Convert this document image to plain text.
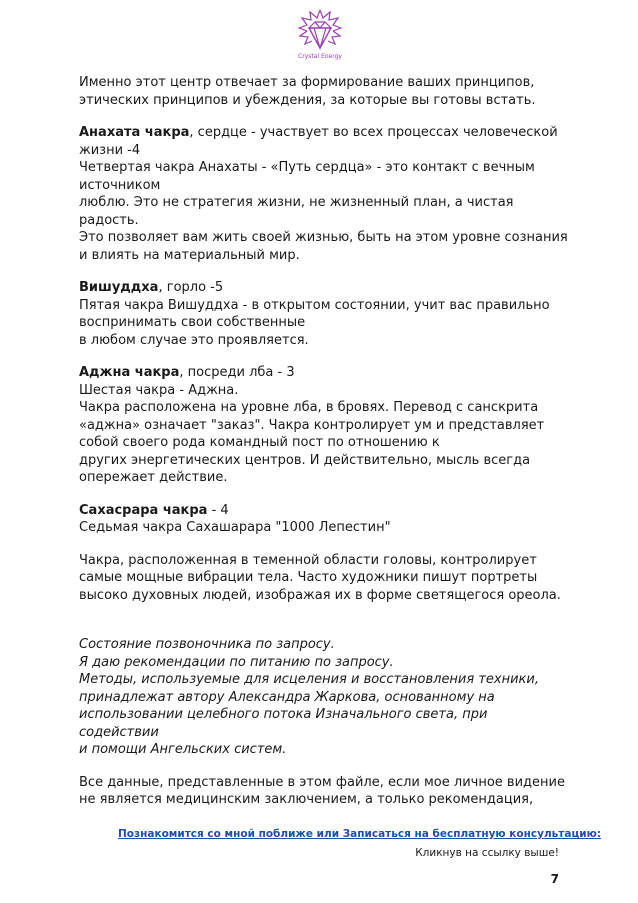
Crystal Energy

Именно этот центр отвечает за формирование ваших принципов,

этических принципов и убеждения, за которые вы готовы встать.

Анахата чакра, сердце - участвует во всех процессах человеческой

жизни -4

Четвертая чакра Анахаты - «Путь сердца» - это контакт с вечным

источником

люблю. Это не стратегия жизни, не жизненный план, а чистая радость.

Это позволяет вам жить своей жизнью, быть на этом уровне сознания

и влиять на материальный мир.

Вишуддха, горло -5

Пятая чакра Вишуддха - в открытом состоянии, учит вас правильно

воспринимать свои собственные

в любом случае это проявляется.

Аджна чакра, посреди лба - 3

Шестая чакра - Аджна.

Чакра расположена на уровне лба, в бровях. Перевод с санскрита

«аджна» означает "заказ". Чакра контролирует ум и представляет

собой своего рода командный пост по отношению к

других энергетических центров. И действительно, мысль всегда

опережает действие.

Сахасрара чакра - 4

Седьмая чакра Сахашарара "1000 Лепестин"

Чакра, расположенная в теменной области головы, контролирует

самые мощные вибрации тела. Часто художники пишут портреты

высоко духовных людей, изображая их в форме светящегося ореола.

Состояние позвоночника по запросу.

Я даю рекомендации по питанию по запросу.

Методы, используемые для исцеления и восстановления техники,

принадлежат автору Александра Жаркова, основанному на

использовании целебного потока Изначального света, при содействии

и помощи Ангельских систем.

Все данные, представленные в этом файле, если мое личное видение

не является медицинским заключением, а только рекомендация,

Познакомится со мной поближе или Записаться на бесплатную консультацию:
Кликнув на ссылку выше!
7
